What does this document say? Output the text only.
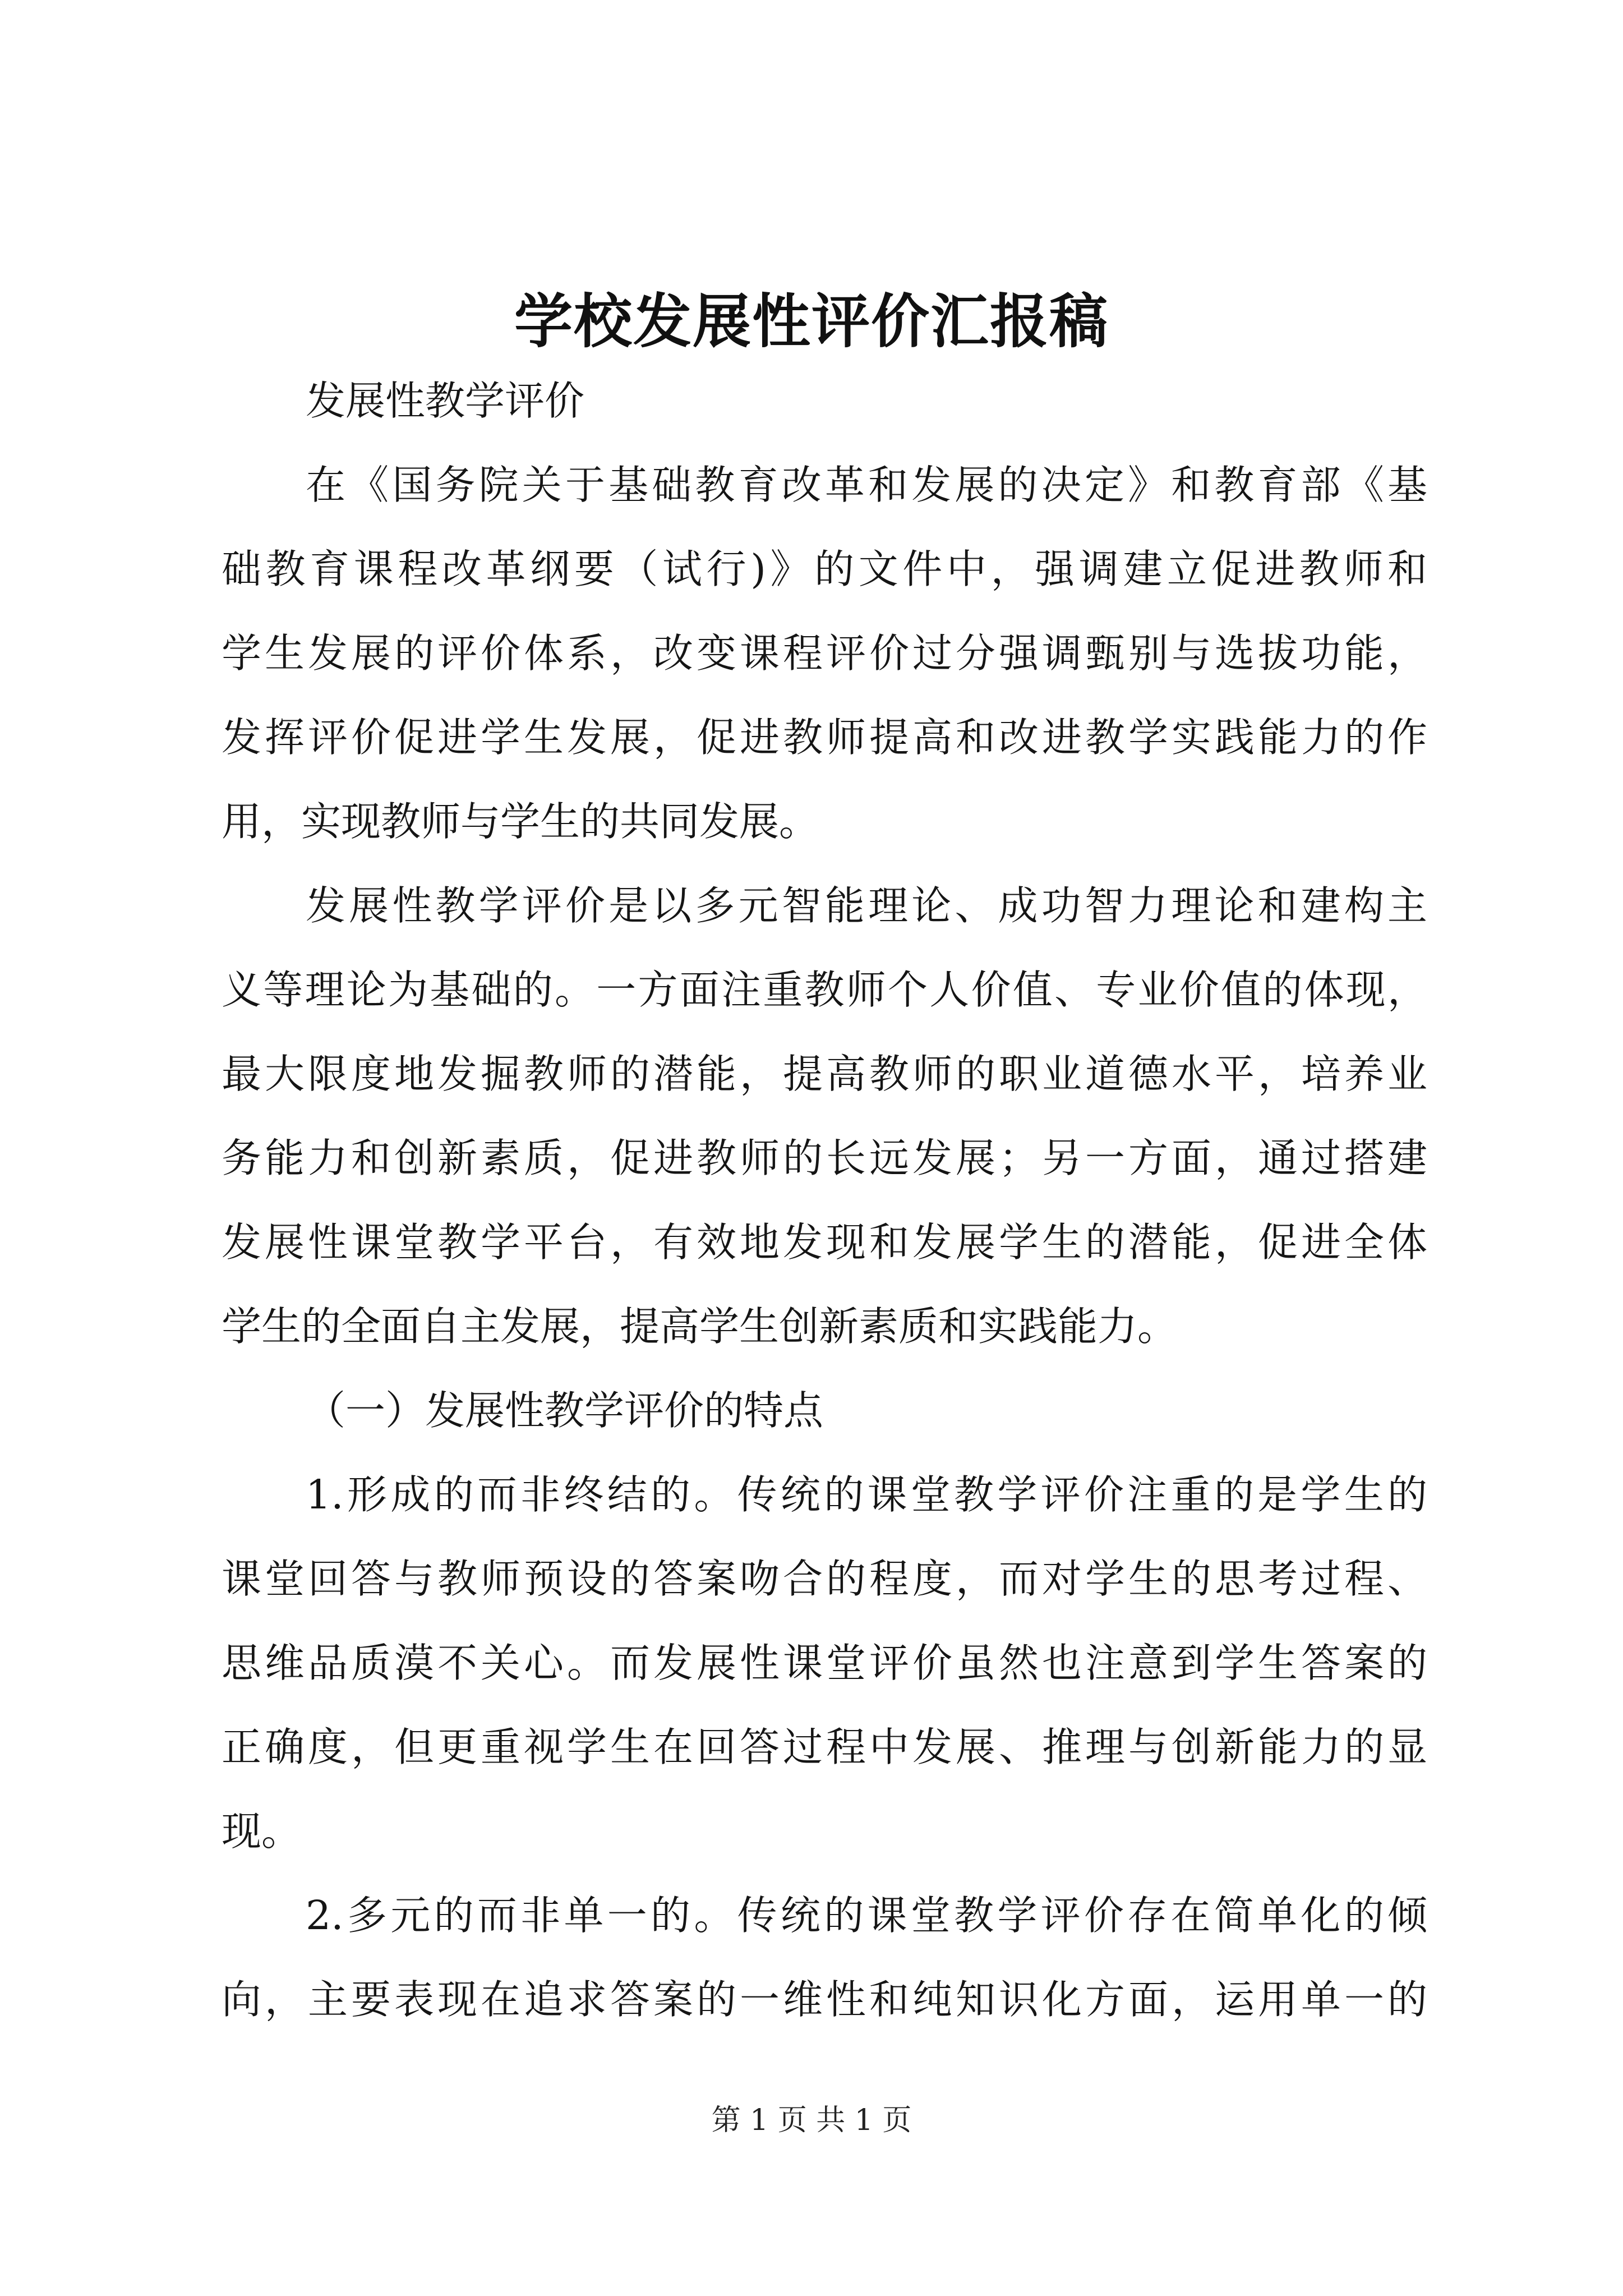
学校发展性评价汇报稿
发展性教学评价
在《国务院关于基础教育改革和发展的决定》和教育部《基
础教育课程改革纲要（试行)》的文件中，强调建立促进教师和
学生发展的评价体系，改变课程评价过分强调甄别与选拔功能，
发挥评价促进学生发展，促进教师提高和改进教学实践能力的作
用，实现教师与学生的共同发展。
发展性教学评价是以多元智能理论、成功智力理论和建构主
义等理论为基础的。一方面注重教师个人价值、专业价值的体现，
最大限度地发掘教师的潜能，提高教师的职业道德水平，培养业
务能力和创新素质，促进教师的长远发展；另一方面，通过搭建
发展性课堂教学平台，有效地发现和发展学生的潜能，促进全体
学生的全面自主发展，提高学生创新素质和实践能力。
（一）发展性教学评价的特点
1.形成的而非终结的。传统的课堂教学评价注重的是学生的
课堂回答与教师预设的答案吻合的程度，而对学生的思考过程、
思维品质漠不关心。而发展性课堂评价虽然也注意到学生答案的
正确度，但更重视学生在回答过程中发展、推理与创新能力的显
现。
2.多元的而非单一的。传统的课堂教学评价存在简单化的倾
向，主要表现在追求答案的一维性和纯知识化方面，运用单一的
第 1 页 共 1 页
